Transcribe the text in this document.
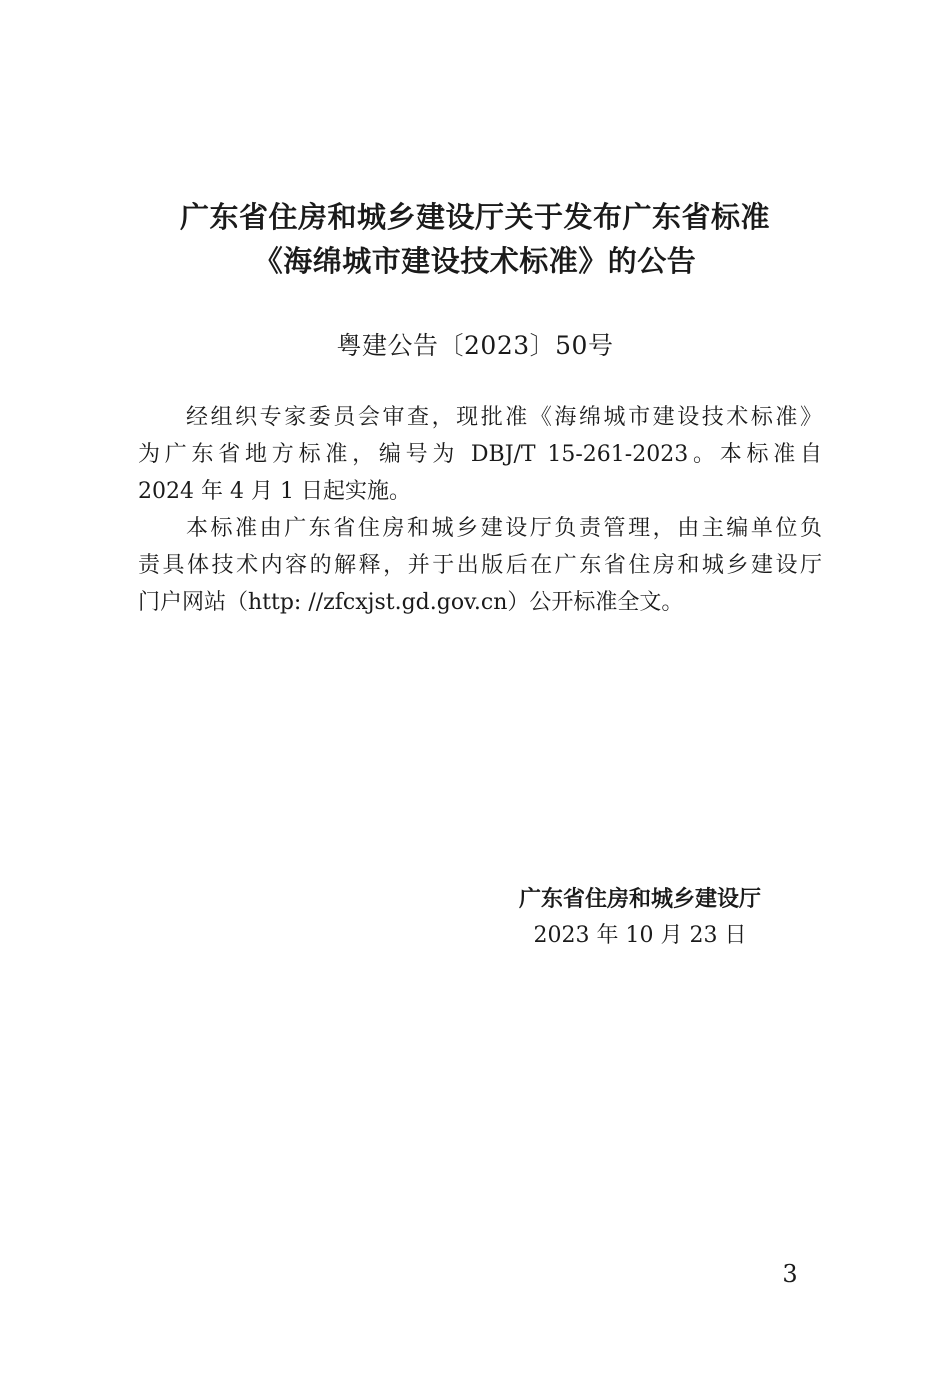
广东省住房和城乡建设厅关于发布广东省标准
《海绵城市建设技术标准》的公告
粤建公告〔2023〕50号
经组织专家委员会审查，现批准《海绵城市建设技术标准》
为广东省地方标准，编号为 DBJ/T 15-261-2023。本标准自
2024 年 4 月 1 日起实施。
本标准由广东省住房和城乡建设厅负责管理，由主编单位负
责具体技术内容的解释，并于出版后在广东省住房和城乡建设厅
门户网站（http: //zfcxjst.gd.gov.cn）公开标准全文。
广东省住房和城乡建设厅
2023 年 10 月 23 日
3
